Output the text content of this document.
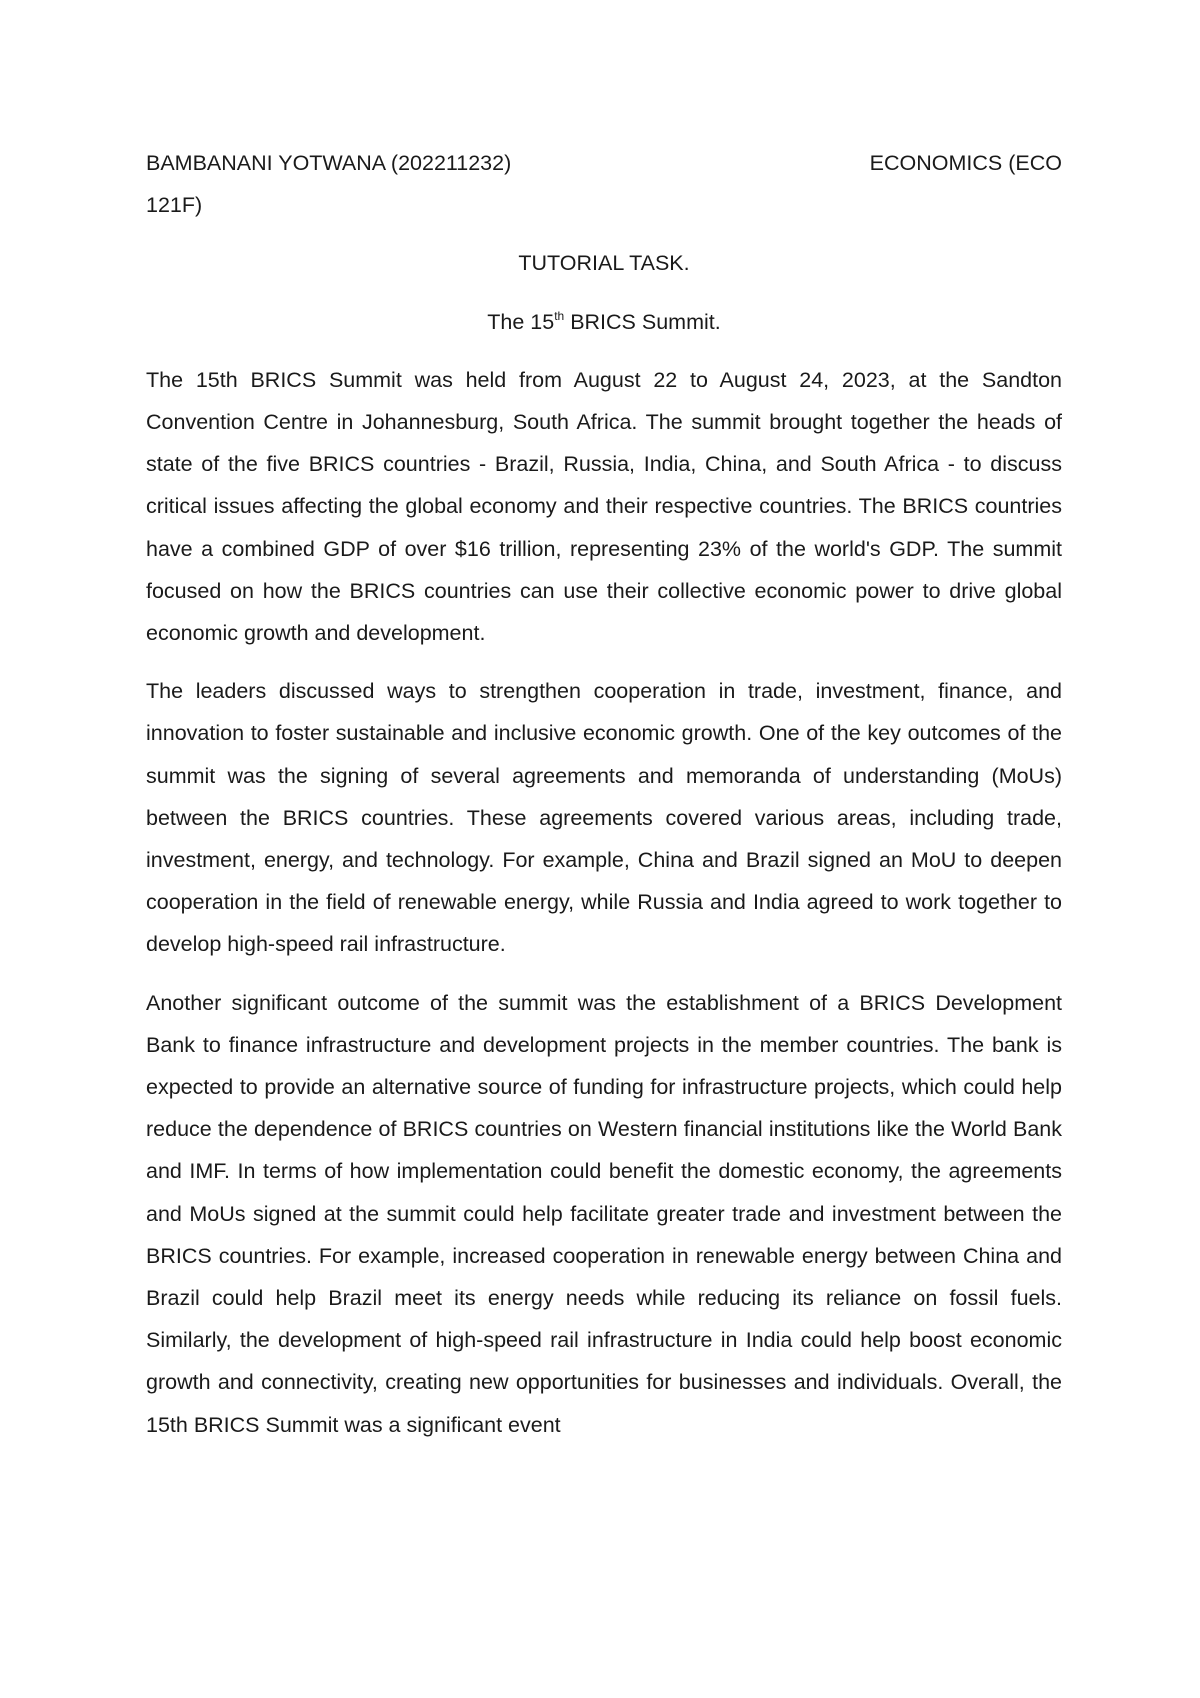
BAMBANANI YOTWANA (202211232)	ECONOMICS (ECO
121F)

TUTORIAL TASK.

The 15th BRICS Summit.

The 15th BRICS Summit was held from August 22 to August 24, 2023, at the Sandton Convention Centre in Johannesburg, South Africa. The summit brought together the heads of state of the five BRICS countries - Brazil, Russia, India, China, and South Africa - to discuss critical issues affecting the global economy and their respective countries. The BRICS countries have a combined GDP of over $16 trillion, representing 23% of the world's GDP. The summit focused on how the BRICS countries can use their collective economic power to drive global economic growth and development.

The leaders discussed ways to strengthen cooperation in trade, investment, finance, and innovation to foster sustainable and inclusive economic growth. One of the key outcomes of the summit was the signing of several agreements and memoranda of understanding (MoUs) between the BRICS countries. These agreements covered various areas, including trade, investment, energy, and technology. For example, China and Brazil signed an MoU to deepen cooperation in the field of renewable energy, while Russia and India agreed to work together to develop high-speed rail infrastructure.

Another significant outcome of the summit was the establishment of a BRICS Development Bank to finance infrastructure and development projects in the member countries. The bank is expected to provide an alternative source of funding for infrastructure projects, which could help reduce the dependence of BRICS countries on Western financial institutions like the World Bank and IMF. In terms of how implementation could benefit the domestic economy, the agreements and MoUs signed at the summit could help facilitate greater trade and investment between the BRICS countries. For example, increased cooperation in renewable energy between China and Brazil could help Brazil meet its energy needs while reducing its reliance on fossil fuels. Similarly, the development of high-speed rail infrastructure in India could help boost economic growth and connectivity, creating new opportunities for businesses and individuals. Overall, the 15th BRICS Summit was a significant event
